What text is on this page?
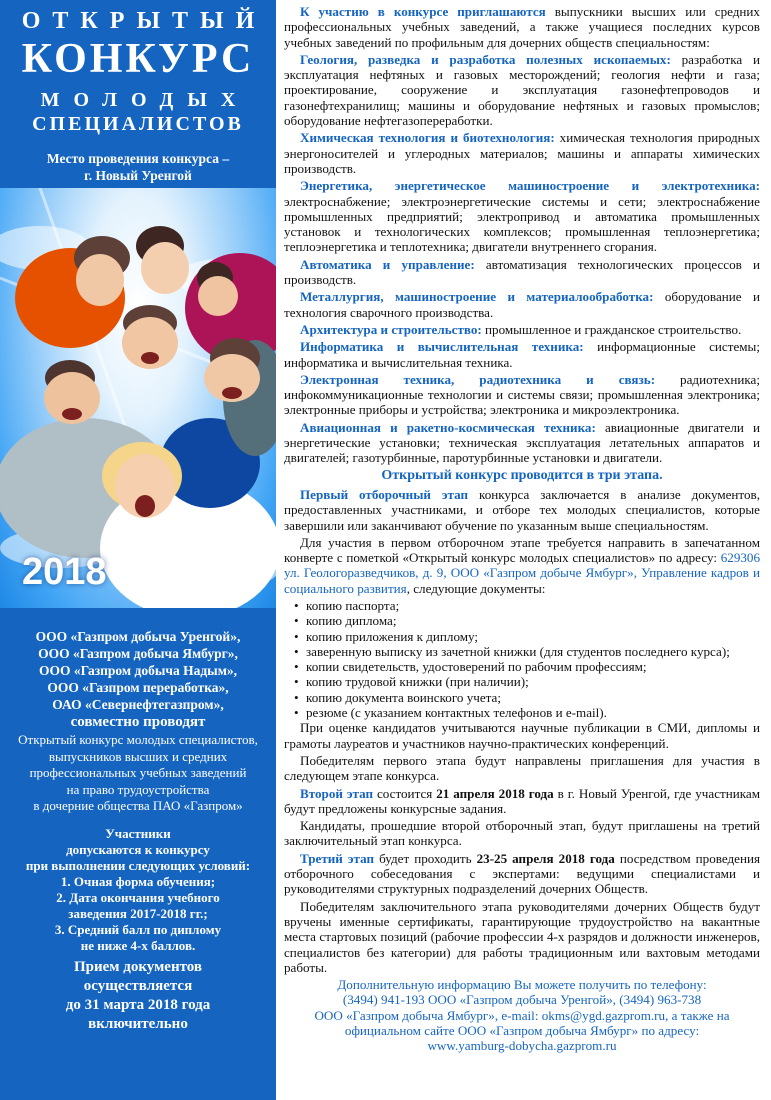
ОТКРЫТЫЙ
КОНКУРС
МОЛОДЫХ
СПЕЦИАЛИСТОВ
Место проведения конкурса –
г. Новый Уренгой
2018
ООО «Газпром добыча Уренгой»,
ООО «Газпром добыча Ямбург»,
ООО «Газпром добыча Надым»,
ООО «Газпром переработка»,
ОАО «Севернефтегазпром»,
совместно проводят
Открытый конкурс молодых специалистов,
выпускников высших и средних
профессиональных учебных заведений
на право трудоустройства
в дочерние общества ПАО «Газпром»
Участники
допускаются к конкурсу
при выполнении следующих условий:
1. Очная форма обучения;
2. Дата окончания учебного
заведения 2017-2018 гг.;
3. Средний балл по диплому
не ниже 4-х баллов.
Прием документов
осуществляется
до 31 марта 2018 года
включительно

К участию в конкурсе приглашаются выпускники высших или средних профессиональных учебных заведений, а также учащиеся последних курсов учебных заведений по профильным для дочерних обществ специальностям:

Геология, разведка и разработка полезных ископаемых: разработка и эксплуатация нефтяных и газовых месторождений; геология нефти и газа; проектирование, сооружение и эксплуатация газонефтепроводов и газонефтехранилищ; машины и оборудование нефтяных и газовых промыслов; оборудование нефтегазопереработки.

Химическая технология и биотехнология: химическая технология природных энергоносителей и углеродных материалов; машины и аппараты химических производств.

Энергетика, энергетическое машиностроение и электротехника: электроснабжение; электроэнергетические системы и сети; электроснабжение промышленных предприятий; электропривод и автоматика промышленных установок и технологических комплексов; промышленная теплоэнергетика; теплоэнергетика и теплотехника; двигатели внутреннего сгорания.

Автоматика и управление: автоматизация технологических процессов и производств.

Металлургия, машиностроение и материалообработка: оборудование и технология сварочного производства.

Архитектура и строительство: промышленное и гражданское строительство.

Информатика и вычислительная техника: информационные системы; информатика и вычислительная техника.

Электронная техника, радиотехника и связь: радиотехника; инфокоммуникационные технологии и системы связи; промышленная электроника; электронные приборы и устройства; электроника и микроэлектроника.

Авиационная и ракетно-космическая техника: авиационные двигатели и энергетические установки; техническая эксплуатация летательных аппаратов и двигателей; газотурбинные, паротурбинные установки и двигатели.

Открытый конкурс проводится в три этапа.

Первый отборочный этап конкурса заключается в анализе документов, предоставленных участниками, и отборе тех молодых специалистов, которые завершили или заканчивают обучение по указанным выше специальностям.

Для участия в первом отборочном этапе требуется направить в запечатанном конверте с пометкой «Открытый конкурс молодых специалистов» по адресу: 629306 ул. Геологоразведчиков, д. 9, ООО «Газпром добыче Ямбург», Управление кадров и социального развития, следующие документы:

• копию паспорта;
• копию диплома;
• копию приложения к диплому;
• заверенную выписку из зачетной книжки (для студентов последнего курса);
• копии свидетельств, удостоверений по рабочим профессиям;
• копию трудовой книжки (при наличии);
• копию документа воинского учета;
• резюме (с указанием контактных телефонов и e-mail).

При оценке кандидатов учитываются научные публикации в СМИ, дипломы и грамоты лауреатов и участников научно-практических конференций.

Победителям первого этапа будут направлены приглашения для участия в следующем этапе конкурса.

Второй этап состоится 21 апреля 2018 года в г. Новый Уренгой, где участникам будут предложены конкурсные задания.

Кандидаты, прошедшие второй отборочный этап, будут приглашены на третий заключительный этап конкурса.

Третий этап будет проходить 23-25 апреля 2018 года посредством проведения отборочного собеседования с экспертами: ведущими специалистами и руководителями структурных подразделений дочерних Обществ.

Победителям заключительного этапа руководителями дочерних Обществ будут вручены именные сертификаты, гарантирующие трудоустройство на вакантные места стартовых позиций (рабочие профессии 4-х разрядов и должности инженеров, специалистов без категории) для работы традиционным или вахтовым методами работы.

Дополнительную информацию Вы можете получить по телефону:
(3494) 941-193 ООО «Газпром добыча Уренгой», (3494) 963-738
ООО «Газпром добыча Ямбург», e-mail: okms@ygd.gazprom.ru, а также на
официальном сайте ООО «Газпром добыча Ямбург» по адресу:
www.yamburg-dobycha.gazprom.ru
